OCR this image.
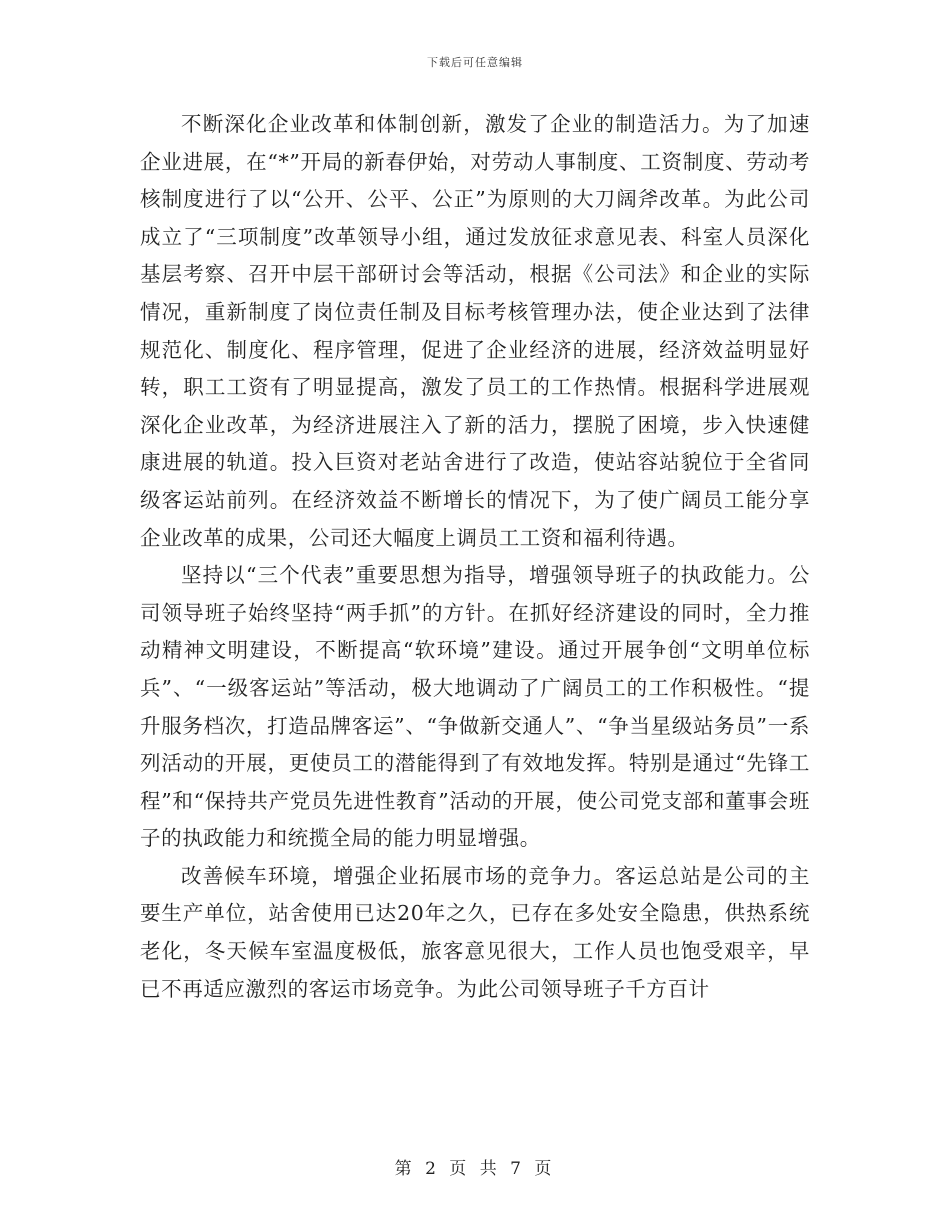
下载后可任意编辑

不断深化企业改革和体制创新，激发了企业的制造活力。为了加速企业进展，在“*”开局的新春伊始，对劳动人事制度、工资制度、劳动考核制度进行了以“公开、公平、公正”为原则的大刀阔斧改革。为此公司成立了“三项制度”改革领导小组，通过发放征求意见表、科室人员深化基层考察、召开中层干部研讨会等活动，根据《公司法》和企业的实际情况，重新制度了岗位责任制及目标考核管理办法，使企业达到了法律规范化、制度化、程序管理，促进了企业经济的进展，经济效益明显好转，职工工资有了明显提高，激发了员工的工作热情。根据科学进展观深化企业改革，为经济进展注入了新的活力，摆脱了困境，步入快速健康进展的轨道。投入巨资对老站舍进行了改造，使站容站貌位于全省同级客运站前列。在经济效益不断增长的情况下，为了使广阔员工能分享企业改革的成果，公司还大幅度上调员工工资和福利待遇。

坚持以“三个代表”重要思想为指导，增强领导班子的执政能力。公司领导班子始终坚持“两手抓”的方针。在抓好经济建设的同时，全力推动精神文明建设，不断提高“软环境”建设。通过开展争创“文明单位标兵”、“一级客运站”等活动，极大地调动了广阔员工的工作积极性。“提升服务档次，打造品牌客运”、“争做新交通人”、“争当星级站务员”一系列活动的开展，更使员工的潜能得到了有效地发挥。特别是通过“先锋工程”和“保持共产党员先进性教育”活动的开展，使公司党支部和董事会班子的执政能力和统揽全局的能力明显增强。

改善候车环境，增强企业拓展市场的竞争力。客运总站是公司的主要生产单位，站舍使用已达20年之久，已存在多处安全隐患，供热系统老化，冬天候车室温度极低，旅客意见很大，工作人员也饱受艰辛，早已不再适应激烈的客运市场竞争。为此公司领导班子千方百计

第 2 页 共 7 页
